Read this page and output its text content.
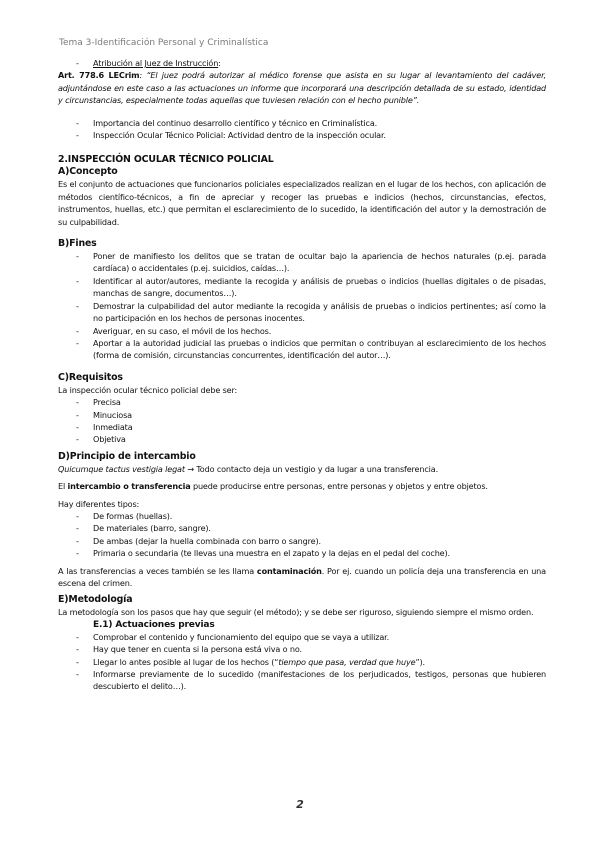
Tema 3-Identificación Personal y Criminalística

- Atribución al Juez de Instrucción:

Art. 778.6 LECrim: “El juez podrá autorizar al médico forense que asista en su lugar al levantamiento del cadáver, adjuntándose en este caso a las actuaciones un informe que incorporará una descripción detallada de su estado, identidad y circunstancias, especialmente todas aquellas que tuviesen relación con el hecho punible”.

- Importancia del continuo desarrollo científico y técnico en Criminalística.

- Inspección Ocular Técnico Policial: Actividad dentro de la inspección ocular.

2.INSPECCIÓN OCULAR TÉCNICO POLICIAL
A)Concepto

Es el conjunto de actuaciones que funcionarios policiales especializados realizan en el lugar de los hechos, con aplicación de métodos científico-técnicos, a fin de apreciar y recoger las pruebas e indicios (hechos, circunstancias, efectos, instrumentos, huellas, etc.) que permitan el esclarecimiento de lo sucedido, la identificación del autor y la demostración de su culpabilidad.

B)Fines

- Poner de manifiesto los delitos que se tratan de ocultar bajo la apariencia de hechos naturales (p.ej. parada cardíaca) o accidentales (p.ej. suicidios, caídas…).

- Identificar al autor/autores, mediante la recogida y análisis de pruebas o indicios (huellas digitales o de pisadas, manchas de sangre, documentos…).

- Demostrar la culpabilidad del autor mediante la recogida y análisis de pruebas o indicios pertinentes; así como la no participación en los hechos de personas inocentes.

- Averiguar, en su caso, el móvil de los hechos.

- Aportar a la autoridad judicial las pruebas o indicios que permitan o contribuyan al esclarecimiento de los hechos (forma de comisión, circunstancias concurrentes, identificación del autor…).

C)Requisitos

La inspección ocular técnico policial debe ser:

- Precisa

- Minuciosa

- Inmediata

- Objetiva

D)Principio de intercambio

Quicumque tactus vestigia legat → Todo contacto deja un vestigio y da lugar a una transferencia.

El intercambio o transferencia puede producirse entre personas, entre personas y objetos y entre objetos.

Hay diferentes tipos:

- De formas (huellas).

- De materiales (barro, sangre).

- De ambas (dejar la huella combinada con barro o sangre).

- Primaria o secundaria (te llevas una muestra en el zapato y la dejas en el pedal del coche).

A las transferencias a veces también se les llama contaminación. Por ej. cuando un policía deja una transferencia en una escena del crimen.

E)Metodología

La metodología son los pasos que hay que seguir (el método); y se debe ser riguroso, siguiendo siempre el mismo orden.

E.1) Actuaciones previas

- Comprobar el contenido y funcionamiento del equipo que se vaya a utilizar.

- Hay que tener en cuenta si la persona está viva o no.

- Llegar lo antes posible al lugar de los hechos (“tiempo que pasa, verdad que huye”).

- Informarse previamente de lo sucedido (manifestaciones de los perjudicados, testigos, personas que hubieren descubierto el delito…).

2
